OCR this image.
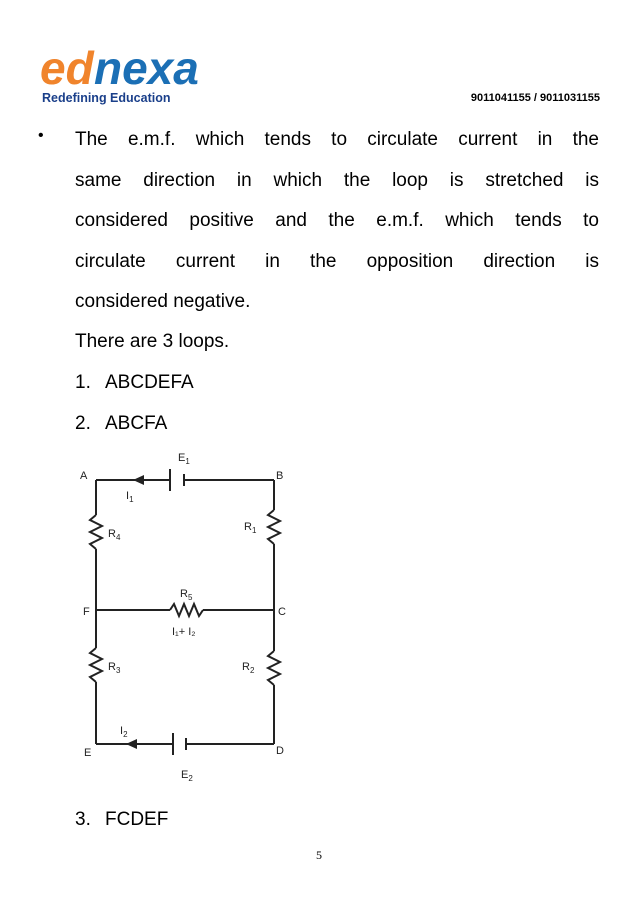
ed nexa
Redefining Education	9011041155 / 9011031155
• The e.m.f. which tends to circulate current in the
same direction in which the loop is stretched is
considered positive and the e.m.f. which tends to
circulate current in the opposition direction is
considered negative.
There are 3 loops.
1. ABCDEFA
2. ABCFA
A	B
C
D
E
F
$E_1$
$E_2$
$I_1$
$I_2$
$R_4$
$R_1$
$R_5$
$R_3$	$R_2$
I₁+ I₂
3. FCDEF
5
